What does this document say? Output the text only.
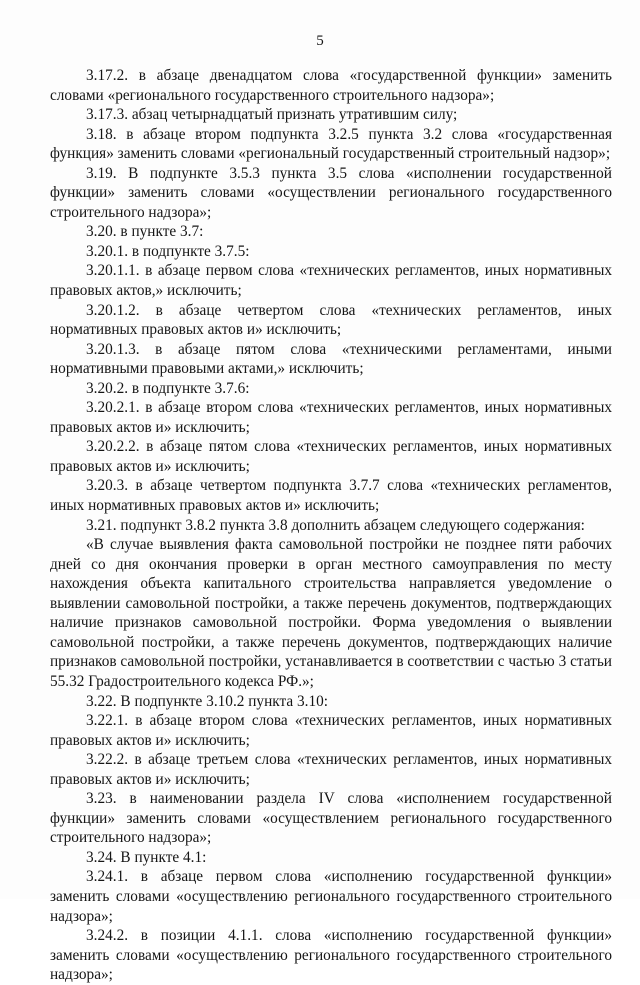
5

3.17.2. в абзаце двенадцатом слова «государственной функции» заменить словами «регионального государственного строительного надзора»;

3.17.3. абзац четырнадцатый признать утратившим силу;

3.18. в абзаце втором подпункта 3.2.5 пункта 3.2 слова «государственная функция» заменить словами «региональный государственный строительный надзор»;

3.19. В подпункте 3.5.3 пункта 3.5 слова «исполнении государственной функции» заменить словами «осуществлении регионального государственного строительного надзора»;

3.20. в пункте 3.7:

3.20.1. в подпункте 3.7.5:

3.20.1.1. в абзаце первом слова «технических регламентов, иных нормативных правовых актов,» исключить;

3.20.1.2. в абзаце четвертом слова «технических регламентов, иных нормативных правовых актов и» исключить;

3.20.1.3. в абзаце пятом слова «техническими регламентами, иными нормативными правовыми актами,» исключить;

3.20.2. в подпункте 3.7.6:

3.20.2.1. в абзаце втором слова «технических регламентов, иных нормативных правовых актов и» исключить;

3.20.2.2. в абзаце пятом слова «технических регламентов, иных нормативных правовых актов и» исключить;

3.20.3. в абзаце четвертом подпункта 3.7.7 слова «технических регламентов, иных нормативных правовых актов и» исключить;

3.21. подпункт 3.8.2 пункта 3.8 дополнить абзацем следующего содержания:

«В случае выявления факта самовольной постройки не позднее пяти рабочих дней со дня окончания проверки в орган местного самоуправления по месту нахождения объекта капитального строительства направляется уведомление о выявлении самовольной постройки, а также перечень документов, подтверждающих наличие признаков самовольной постройки. Форма уведомления о выявлении самовольной постройки, а также перечень документов, подтверждающих наличие признаков самовольной постройки, устанавливается в соответствии с частью 3 статьи 55.32 Градостроительного кодекса РФ.»;

3.22. В подпункте 3.10.2 пункта 3.10:

3.22.1. в абзаце втором слова «технических регламентов, иных нормативных правовых актов и» исключить;

3.22.2. в абзаце третьем слова «технических регламентов, иных нормативных правовых актов и» исключить;

3.23. в наименовании раздела IV слова «исполнением государственной функции» заменить словами «осуществлением регионального государственного строительного надзора»;

3.24. В пункте 4.1:

3.24.1. в абзаце первом слова «исполнению государственной функции» заменить словами «осуществлению регионального государственного строительного надзора»;

3.24.2. в позиции 4.1.1. слова «исполнению государственной функции» заменить словами «осуществлению регионального государственного строительного надзора»;
